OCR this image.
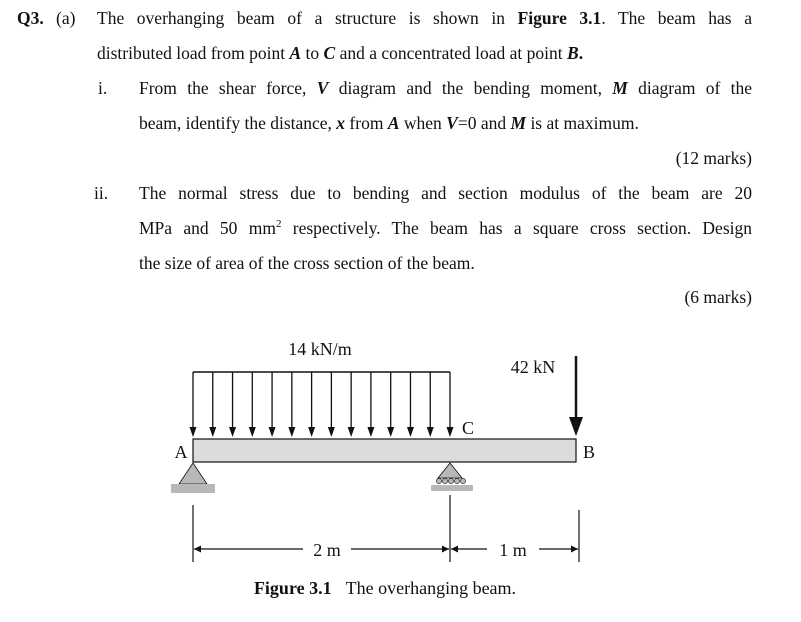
Q3. (a) The overhanging beam of a structure is shown in Figure 3.1. The beam has a
distributed load from point A to C and a concentrated load at point B.
i. From the shear force, V diagram and the bending moment, M diagram of the
beam, identify the distance, x from A when V=0 and M is at maximum.
(12 marks)
ii. The normal stress due to bending and section modulus of the beam are 20
MPa and 50 $mm^2$ respectively. The beam has a square cross section. Design
the size of area of the cross section of the beam.
(6 marks)
14 kN/m
42 kN
A	B
C
2 m	1 m
Figure 3.1 The overhanging beam.
